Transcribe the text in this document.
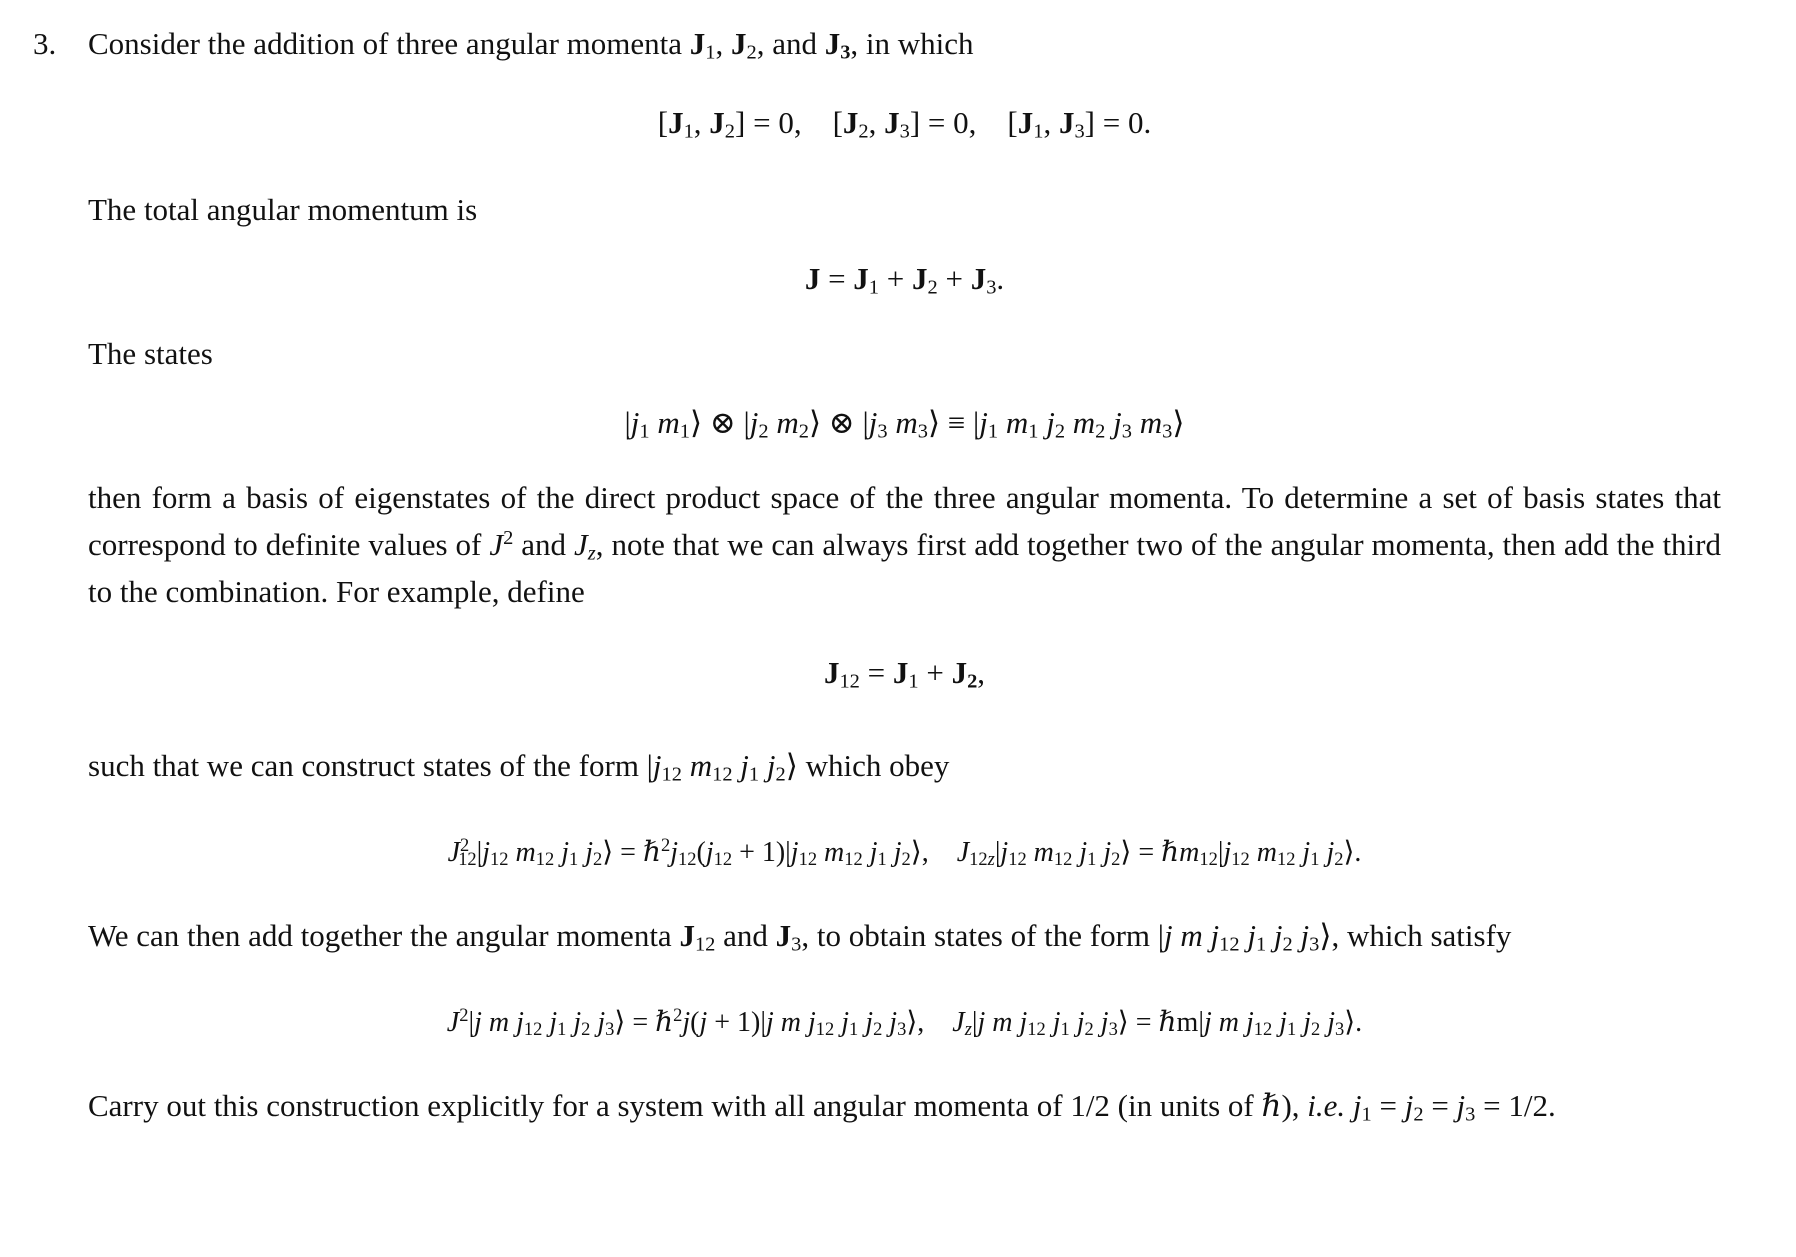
3. Consider the addition of three angular momenta $J_1$, $J_2$, and $J_3$, in which

[$J_1$, $J_2] = 0$, [$J_2$, $J_3] = 0$, [$J_1$, $J_3] = 0$.

The total angular momentum is

$J = J_1 + J_2 + J_3$.

The states

$|j_1$ $m_1⟩$ ⊗ $|j_2$ $m_2⟩$ ⊗ $|j_3$ $m_3⟩ \equiv |j_1$ $m_1$ $j_2$ $m_2$ $j_3$ $m_3⟩$

then form a basis of eigenstates of the direct product space of the three angular momenta. To determine a set of basis states that correspond to definite values of $J^2$ and $J_z$, note that we can always first add together two of the angular momenta, then add the third to the combination. For example, define

$J_{12} = J_1 + J_2$,

such that we can construct states of the form $|j_{12}$ $m_{12}$ $j_1$ $j_2⟩$ which obey

$J^2_{12}|j_{12}$ $m_{12}$ $j_1$ $j_2⟩$ = $\hbar^2j_{12}(j_{12} + 1)|j_{12}$ $m_{12}$ $j_1$ $j_2⟩$, $J_{12z}|j_{12}$ $m_{12}$ $j_1$ $j_2⟩$ = $\hbar m_{12}|j_{12}$ $m_{12}$ $j_1$ $j_2⟩$.

We can then add together the angular momenta $J_{12}$ and $J_3$, to obtain states of the form |j m $j_{12}$ $j_1$ $j_2$ $j_3⟩$, which satisfy

$J^2|j$ m $j_{12}$ $j_1$ $j_2$ $j_3⟩$ = ℏ$^2$j(j + 1)|j m $j_{12}$ $j_1$ $j_2$ $j_3⟩$, $J_z|j$ m $j_{12}$ $j_1$ $j_2$ $j_3⟩$ = ℏm|j m $j_{12}$ $j_1$ $j_2$ $j_3⟩$.

Carry out this construction explicitly for a system with all angular momenta of 1/2 (in units of ℏ), i.e. $j_1 = j_2 = j_3 = 1/2$.
